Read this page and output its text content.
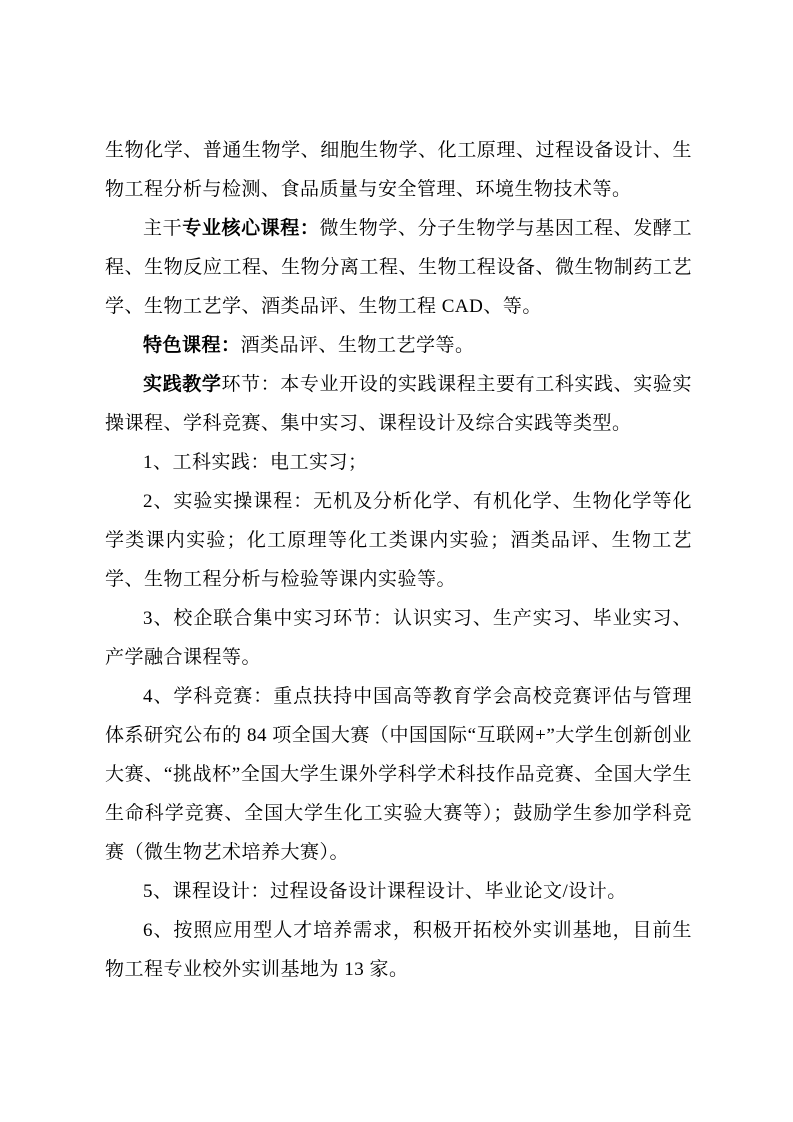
生物化学、普通生物学、细胞生物学、化工原理、过程设备设计、生物工程分析与检测、食品质量与安全管理、环境生物技术等。

主干专业核心课程：微生物学、分子生物学与基因工程、发酵工程、生物反应工程、生物分离工程、生物工程设备、微生物制药工艺学、生物工艺学、酒类品评、生物工程 CAD、等。

特色课程：酒类品评、生物工艺学等。

实践教学环节：本专业开设的实践课程主要有工科实践、实验实操课程、学科竞赛、集中实习、课程设计及综合实践等类型。

1、工科实践：电工实习；

2、实验实操课程：无机及分析化学、有机化学、生物化学等化学类课内实验；化工原理等化工类课内实验；酒类品评、生物工艺学、生物工程分析与检验等课内实验等。

3、校企联合集中实习环节：认识实习、生产实习、毕业实习、产学融合课程等。

4、学科竞赛：重点扶持中国高等教育学会高校竞赛评估与管理体系研究公布的 84 项全国大赛（中国国际“互联网+”大学生创新创业大赛、“挑战杯”全国大学生课外学科学术科技作品竞赛、全国大学生生命科学竞赛、全国大学生化工实验大赛等）；鼓励学生参加学科竞赛（微生物艺术培养大赛）。

5、课程设计：过程设备设计课程设计、毕业论文/设计。

6、按照应用型人才培养需求，积极开拓校外实训基地，目前生物工程专业校外实训基地为 13 家。
